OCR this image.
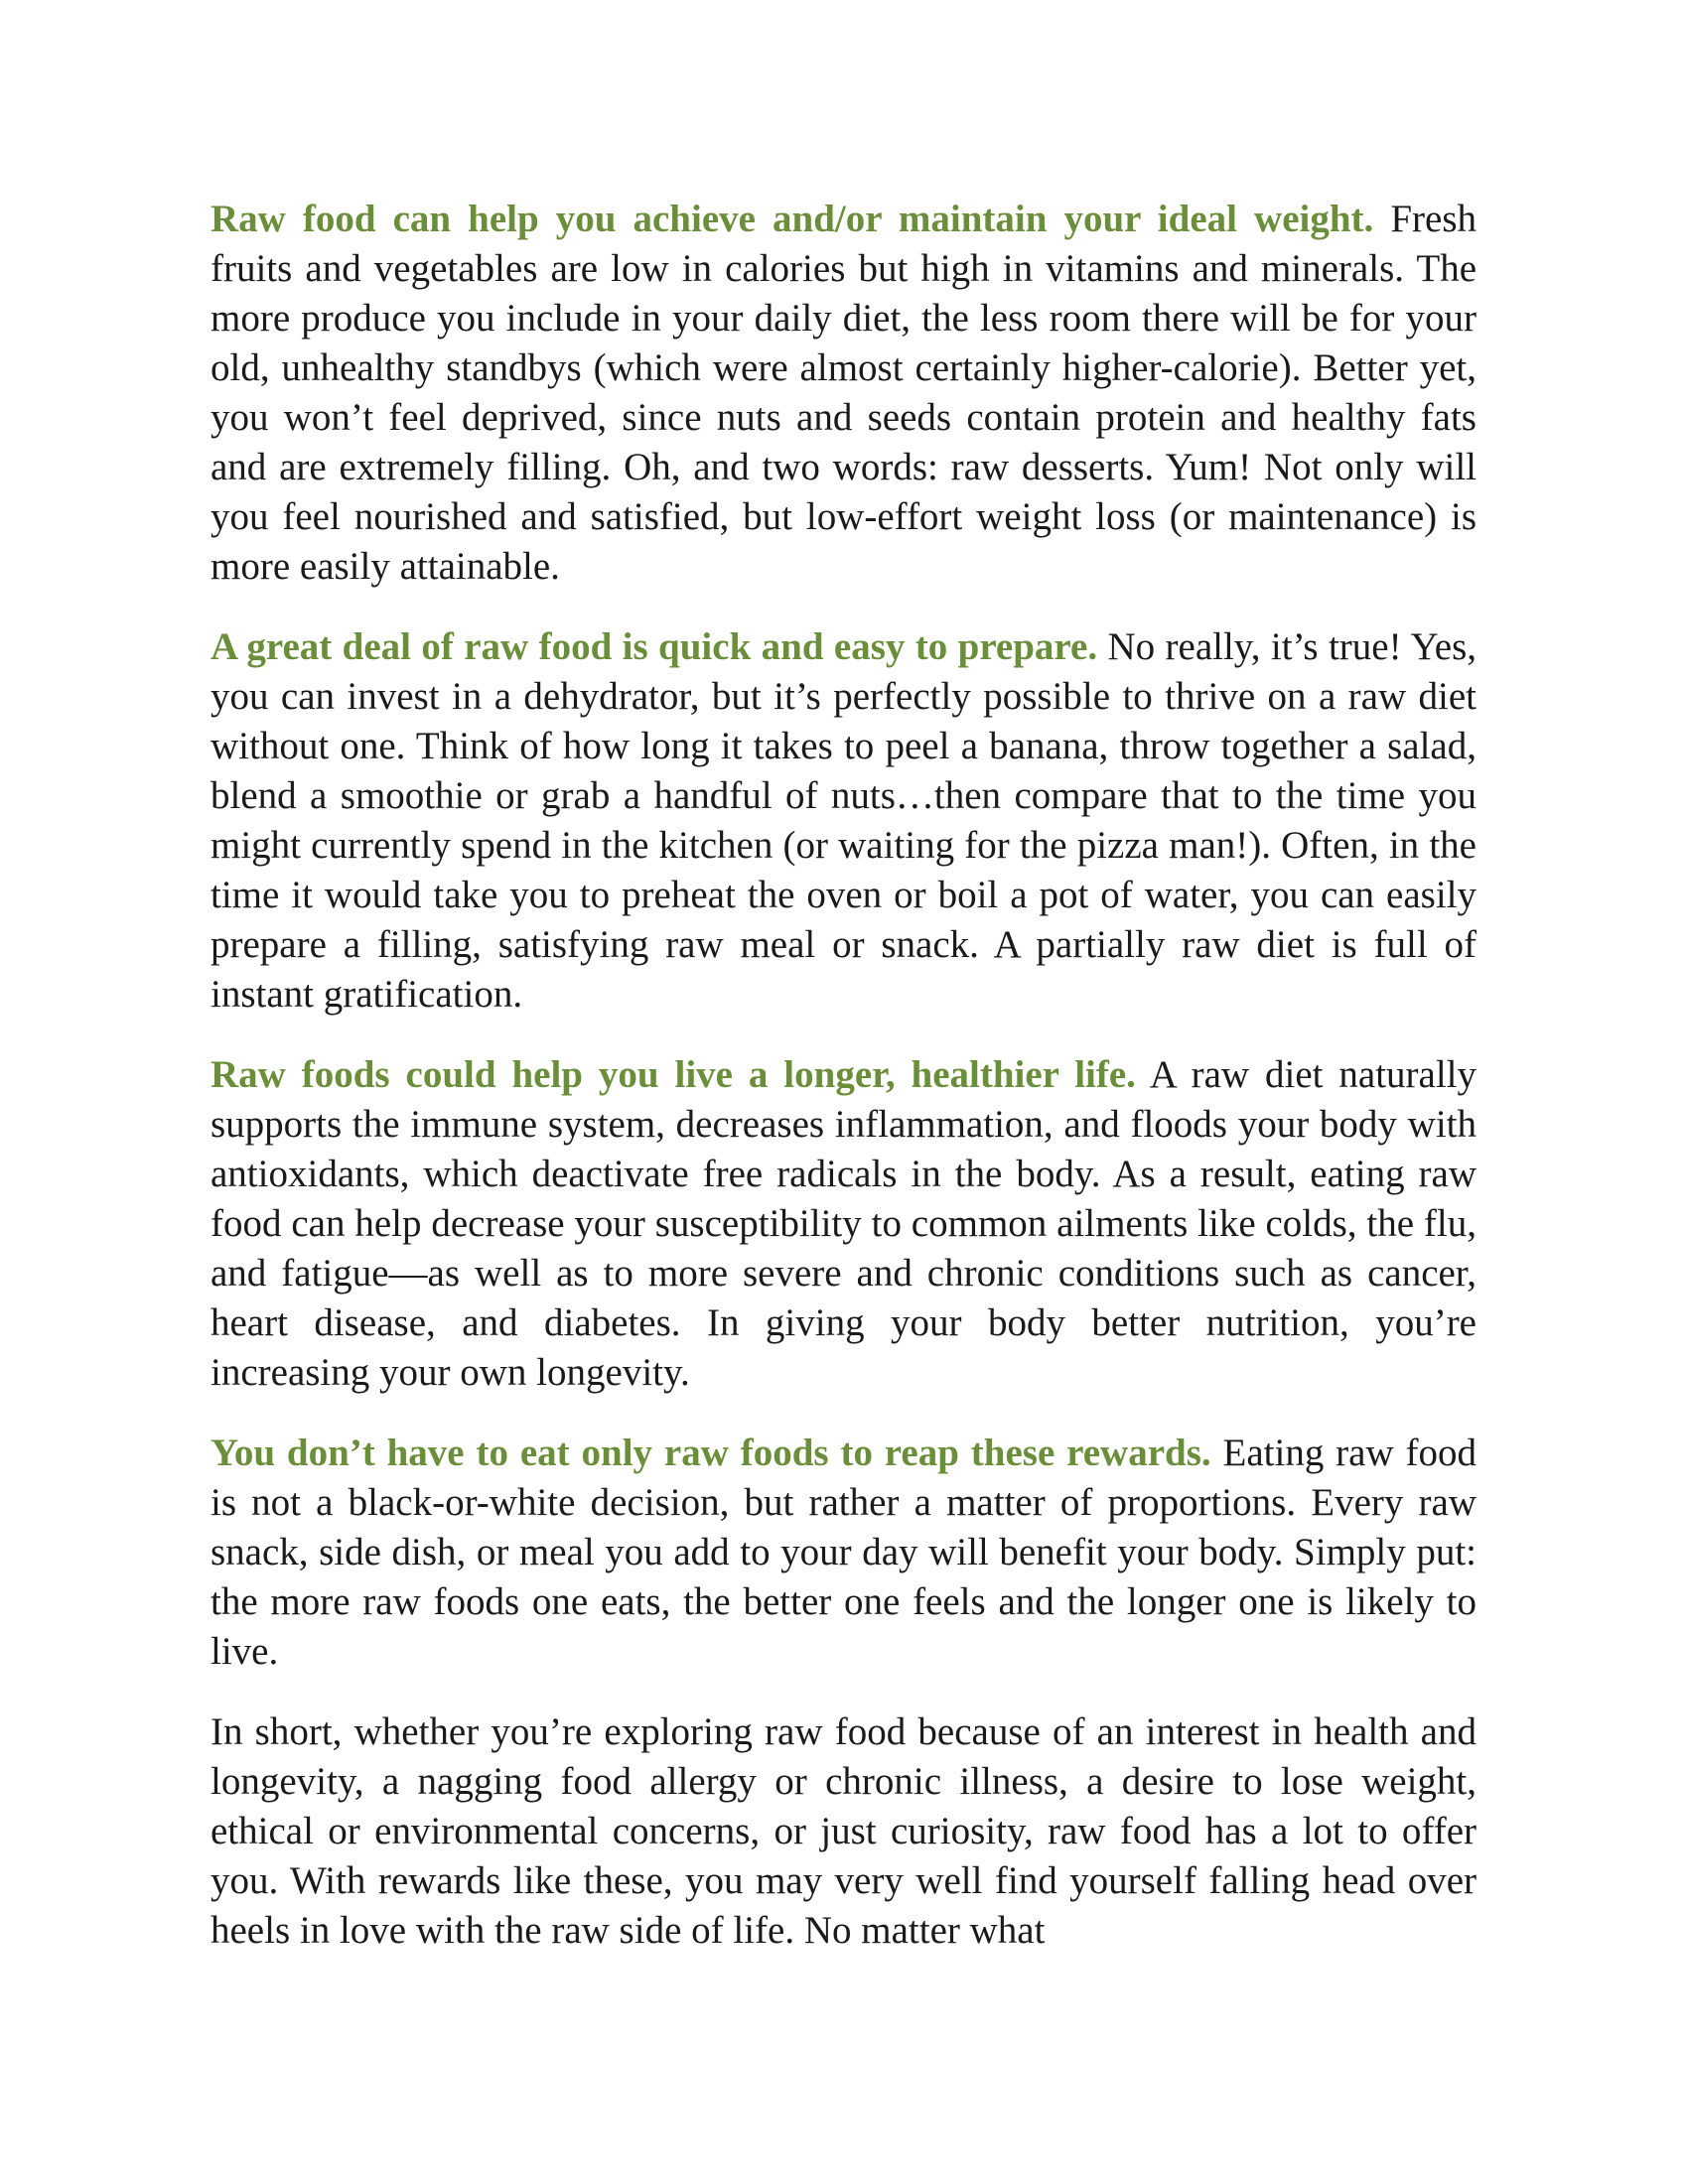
Raw food can help you achieve and/or maintain your ideal weight. Fresh fruits and vegetables are low in calories but high in vitamins and minerals. The more produce you include in your daily diet, the less room there will be for your old, unhealthy standbys (which were almost certainly higher-calorie). Better yet, you won’t feel deprived, since nuts and seeds contain protein and healthy fats and are extremely filling. Oh, and two words: raw desserts. Yum! Not only will you feel nourished and satisfied, but low-effort weight loss (or maintenance) is more easily attainable.

A great deal of raw food is quick and easy to prepare. No really, it’s true! Yes, you can invest in a dehydrator, but it’s perfectly possible to thrive on a raw diet without one. Think of how long it takes to peel a banana, throw together a salad, blend a smoothie or grab a handful of nuts…then compare that to the time you might currently spend in the kitchen (or waiting for the pizza man!). Often, in the time it would take you to preheat the oven or boil a pot of water, you can easily prepare a filling, satisfying raw meal or snack. A partially raw diet is full of instant gratification.

Raw foods could help you live a longer, healthier life. A raw diet naturally supports the immune system, decreases inflammation, and floods your body with antioxidants, which deactivate free radicals in the body. As a result, eating raw food can help decrease your susceptibility to common ailments like colds, the flu, and fatigue—as well as to more severe and chronic conditions such as cancer, heart disease, and diabetes. In giving your body better nutrition, you’re increasing your own longevity.

You don’t have to eat only raw foods to reap these rewards. Eating raw food is not a black-or-white decision, but rather a matter of proportions. Every raw snack, side dish, or meal you add to your day will benefit your body. Simply put: the more raw foods one eats, the better one feels and the longer one is likely to live.

In short, whether you’re exploring raw food because of an interest in health and longevity, a nagging food allergy or chronic illness, a desire to lose weight, ethical or environmental concerns, or just curiosity, raw food has a lot to offer you. With rewards like these, you may very well find yourself falling head over heels in love with the raw side of life. No matter what
